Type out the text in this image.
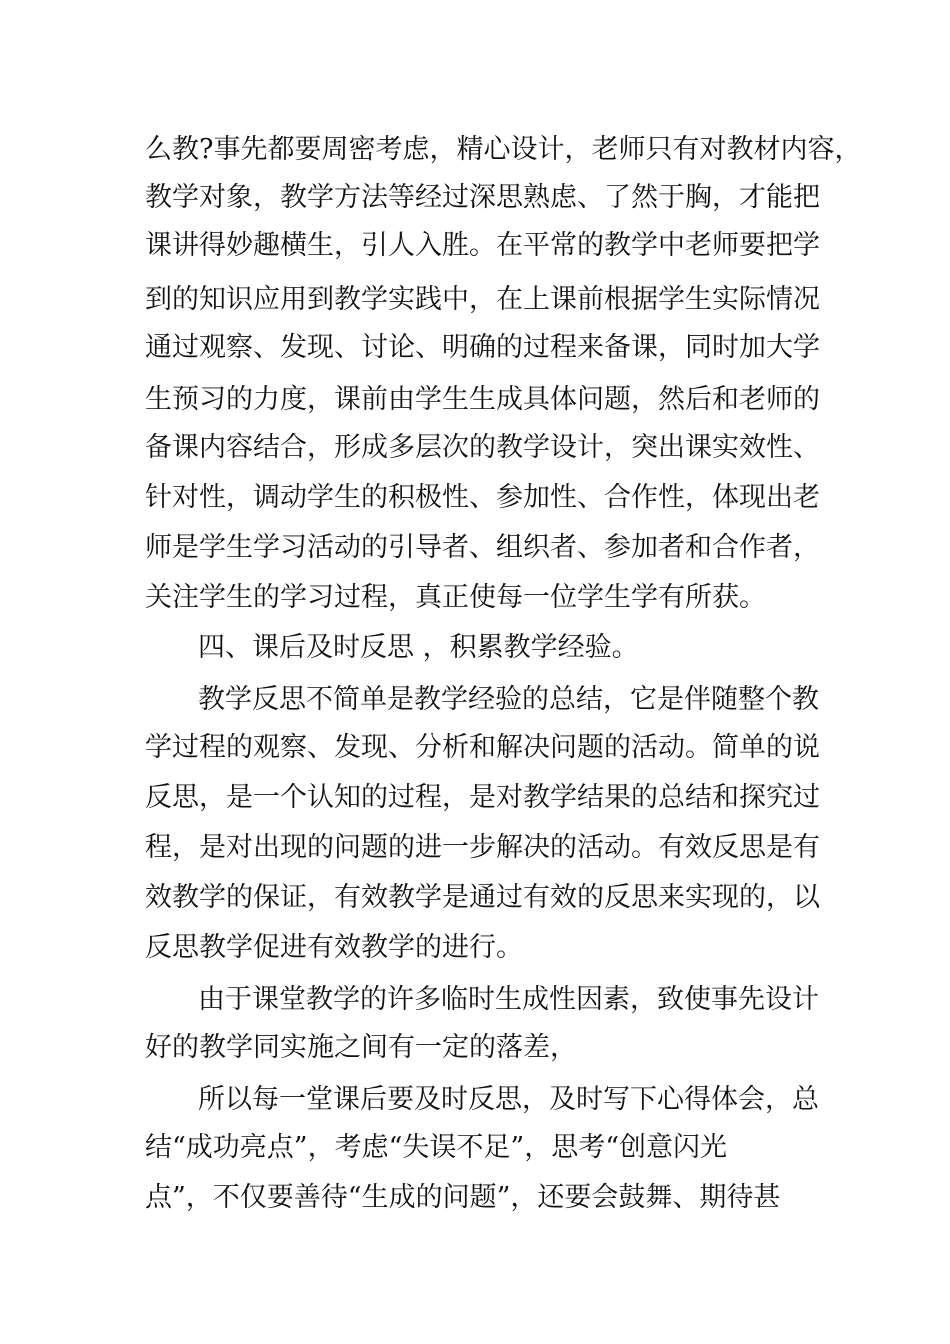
么教?事先都要周密考虑，精心设计，老师只有对教材内容，
教学对象，教学方法等经过深思熟虑、了然于胸，才能把
课讲得妙趣横生，引人入胜。在平常的教学中老师要把学
到的知识应用到教学实践中，在上课前根据学生实际情况
通过观察、发现、讨论、明确的过程来备课，同时加大学
生预习的力度，课前由学生生成具体问题，然后和老师的
备课内容结合，形成多层次的教学设计，突出课实效性、
针对性，调动学生的积极性、参加性、合作性，体现出老
师是学生学习活动的引导者、组织者、参加者和合作者，
关注学生的学习过程，真正使每一位学生学有所获。
四、课后及时反思 ，积累教学经验。
教学反思不简单是教学经验的总结，它是伴随整个教
学过程的观察、发现、分析和解决问题的活动。简单的说
反思，是一个认知的过程，是对教学结果的总结和探究过
程，是对出现的问题的进一步解决的活动。有效反思是有
效教学的保证，有效教学是通过有效的反思来实现的，以
反思教学促进有效教学的进行。
由于课堂教学的许多临时生成性因素，致使事先设计
好的教学同实施之间有一定的落差，
所以每一堂课后要及时反思，及时写下心得体会，总
结“成功亮点”，考虑“失误不足”，思考“创意闪光
点”，不仅要善待“生成的问题”，还要会鼓舞、期待甚
